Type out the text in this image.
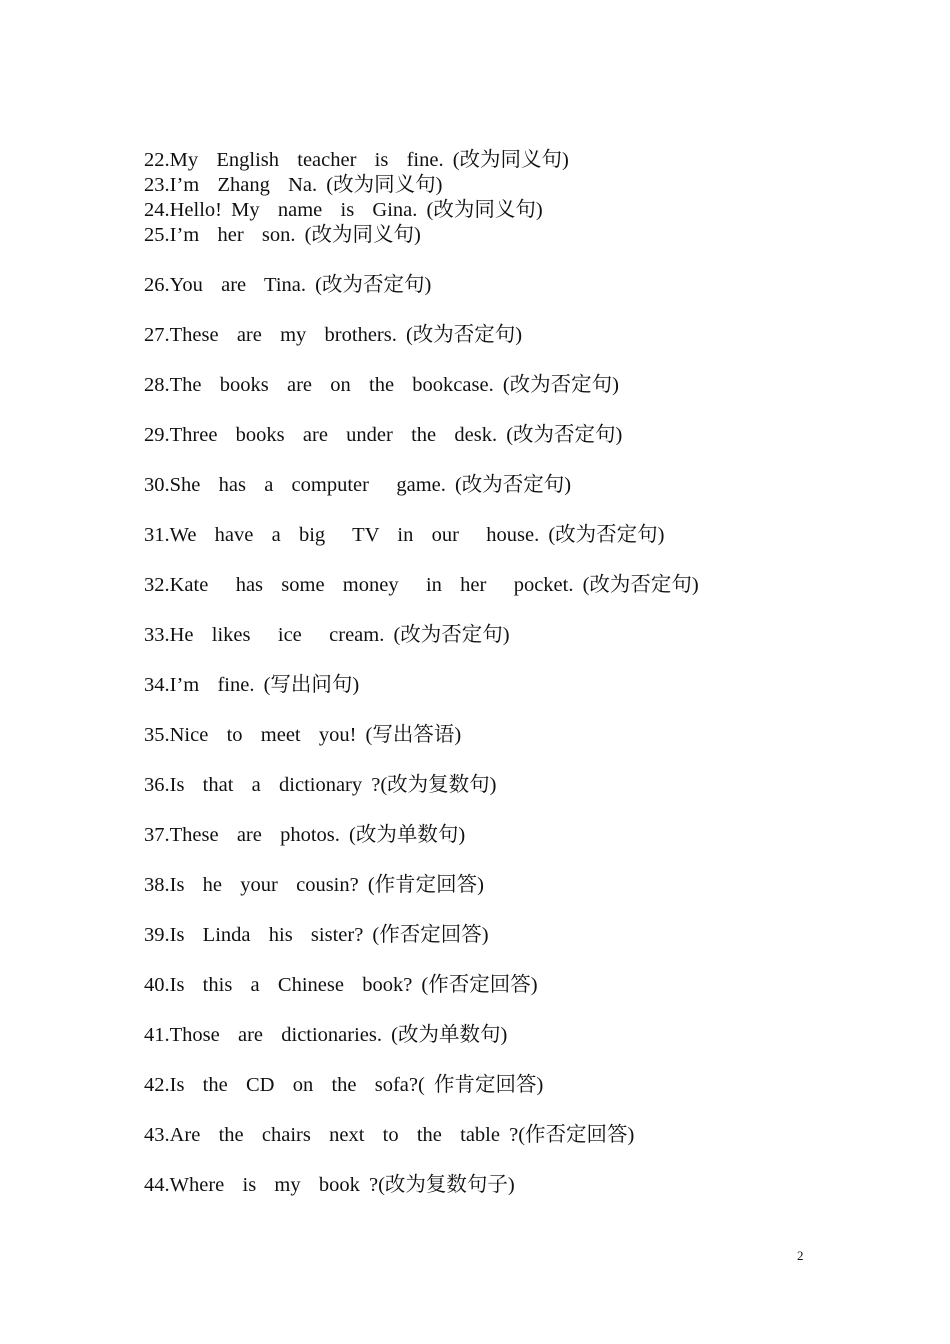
22.My  English  teacher  is  fine. (改为同义句)
23.I’m  Zhang  Na. (改为同义句)
24.Hello! My  name  is  Gina. (改为同义句)
25.I’m  her  son. (改为同义句)
26.You  are  Tina. (改为否定句)
27.These  are  my  brothers. (改为否定句)
28.The  books  are  on  the  bookcase. (改为否定句)
29.Three  books  are  under  the  desk. (改为否定句)
30.She  has  a  computer   game. (改为否定句)
31.We  have  a  big   TV  in  our   house. (改为否定句)
32.Kate   has  some  money   in  her   pocket. (改为否定句)
33.He  likes   ice   cream. (改为否定句)
34.I’m  fine. (写出问句)
35.Nice  to  meet  you! (写出答语)
36.Is  that  a  dictionary ?(改为复数句)
37.These  are  photos. (改为单数句)
38.Is  he  your  cousin? (作肯定回答)
39.Is  Linda  his  sister? (作否定回答)
40.Is  this  a  Chinese  book? (作否定回答)
41.Those  are  dictionaries. (改为单数句)
42.Is  the  CD  on  the  sofa?( 作肯定回答)
43.Are  the  chairs  next  to  the  table ?(作否定回答)
44.Where  is  my  book ?(改为复数句子)
2
